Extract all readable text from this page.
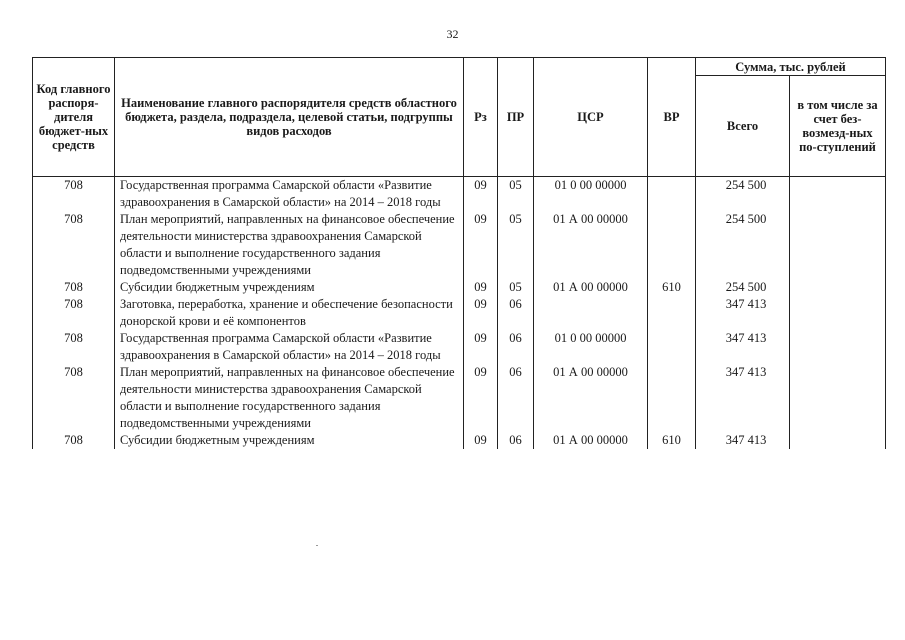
32
Код главного распоря-дителя бюджет-ных средств	Наименование главного распорядителя средств областного бюджета, раздела, подраздела, целевой статьи, подгруппы видов расходов	Рз	ПР	ЦСР	ВР	Сумма, тыс. рублей	
						Всего	в том числе за счет без-возмезд-ных по-ступлений
708	Государственная программа Самарской области «Развитие здравоохранения в Самарской области» на 2014 – 2018 годы	09	05	01 0 00 00000		254 500	
708	План мероприятий, направленных на финансовое обеспечение деятельности министерства здравоохранения Самарской области и выполнение государственного задания подведомственными учреждениями	09	05	01 А 00 00000		254 500	
708	Субсидии бюджетным учреждениям	09	05	01 А 00 00000	610	254 500	
708	Заготовка, переработка, хранение и обеспечение безопасности донорской крови и её компонентов	09	06			347 413	
708	Государственная программа Самарской области «Развитие здравоохранения в Самарской области» на 2014 – 2018 годы	09	06	01 0 00 00000		347 413	
708	План мероприятий, направленных на финансовое обеспечение деятельности министерства здравоохранения Самарской области и выполнение государственного задания подведомственными учреждениями	09	06	01 А 00 00000		347 413	
708	Субсидии бюджетным учреждениям	09	06	01 А 00 00000	610	347 413	
